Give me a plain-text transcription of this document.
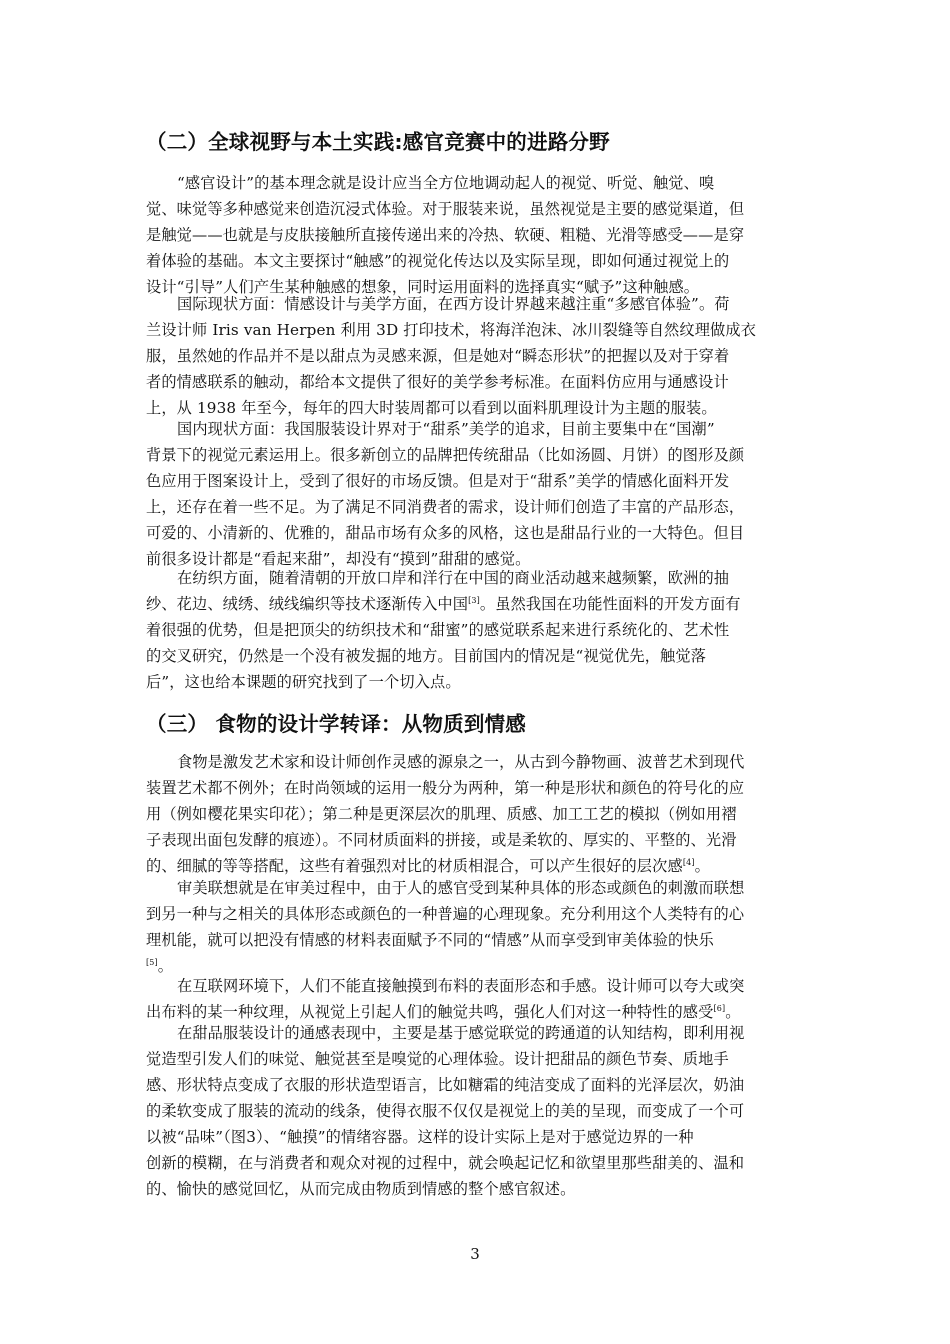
（二）全球视野与本土实践:感官竞赛中的进路分野
“感官设计”的基本理念就是设计应当全方位地调动起人的视觉、听觉、触觉、嗅
觉、味觉等多种感觉来创造沉浸式体验。对于服装来说，虽然视觉是主要的感觉渠道，但
是触觉——也就是与皮肤接触所直接传递出来的冷热、软硬、粗糙、光滑等感受——是穿
着体验的基础。本文主要探讨“触感”的视觉化传达以及实际呈现，即如何通过视觉上的
设计“引导”人们产生某种触感的想象，同时运用面料的选择真实“赋予”这种触感。
国际现状方面：情感设计与美学方面，在西方设计界越来越注重“多感官体验”。荷
兰设计师 Iris van Herpen 利用 3D 打印技术，将海洋泡沫、冰川裂缝等自然纹理做成衣
服，虽然她的作品并不是以甜点为灵感来源，但是她对“瞬态形状”的把握以及对于穿着
者的情感联系的触动，都给本文提供了很好的美学参考标准。在面料仿应用与通感设计
上，从 1938 年至今，每年的四大时装周都可以看到以面料肌理设计为主题的服装。
国内现状方面：我国服装设计界对于“甜系”美学的追求，目前主要集中在“国潮”
背景下的视觉元素运用上。很多新创立的品牌把传统甜品（比如汤圆、月饼）的图形及颜
色应用于图案设计上，受到了很好的市场反馈。但是对于“甜系”美学的情感化面料开发
上，还存在着一些不足。为了满足不同消费者的需求，设计师们创造了丰富的产品形态，
可爱的、小清新的、优雅的，甜品市场有众多的风格，这也是甜品行业的一大特色。但目
前很多设计都是“看起来甜”，却没有“摸到”甜甜的感觉。
在纺织方面，随着清朝的开放口岸和洋行在中国的商业活动越来越频繁，欧洲的抽
纱、花边、绒绣、绒线编织等技术逐渐传入中国[3]。虽然我国在功能性面料的开发方面有
着很强的优势，但是把顶尖的纺织技术和“甜蜜”的感觉联系起来进行系统化的、艺术性
的交叉研究，仍然是一个没有被发掘的地方。目前国内的情况是“视觉优先，触觉落
后”，这也给本课题的研究找到了一个切入点。
（三） 食物的设计学转译：从物质到情感
食物是激发艺术家和设计师创作灵感的源泉之一，从古到今静物画、波普艺术到现代
装置艺术都不例外；在时尚领域的运用一般分为两种，第一种是形状和颜色的符号化的应
用（例如樱花果实印花）；第二种是更深层次的肌理、质感、加工工艺的模拟（例如用褶
子表现出面包发酵的痕迹）。不同材质面料的拼接，或是柔软的、厚实的、平整的、光滑
的、细腻的等等搭配，这些有着强烈对比的材质相混合，可以产生很好的层次感[4]。
审美联想就是在审美过程中，由于人的感官受到某种具体的形态或颜色的刺激而联想
到另一种与之相关的具体形态或颜色的一种普遍的心理现象。充分利用这个人类特有的心
理机能，就可以把没有情感的材料表面赋予不同的“情感”从而享受到审美体验的快乐
[5]。
在互联网环境下，人们不能直接触摸到布料的表面形态和手感。设计师可以夸大或突
出布料的某一种纹理，从视觉上引起人们的触觉共鸣，强化人们对这一种特性的感受[6]。
在甜品服装设计的通感表现中，主要是基于感觉联觉的跨通道的认知结构，即利用视
觉造型引发人们的味觉、触觉甚至是嗅觉的心理体验。设计把甜品的颜色节奏、质地手
感、形状特点变成了衣服的形状造型语言，比如糖霜的纯洁变成了面料的光泽层次，奶油
的柔软变成了服装的流动的线条，使得衣服不仅仅是视觉上的美的呈现，而变成了一个可
以被“品味”（图3）、“触摸”的情绪容器。这样的设计实际上是对于感觉边界的一种
创新的模糊，在与消费者和观众对视的过程中，就会唤起记忆和欲望里那些甜美的、温和
的、愉快的感觉回忆，从而完成由物质到情感的整个感官叙述。
3
